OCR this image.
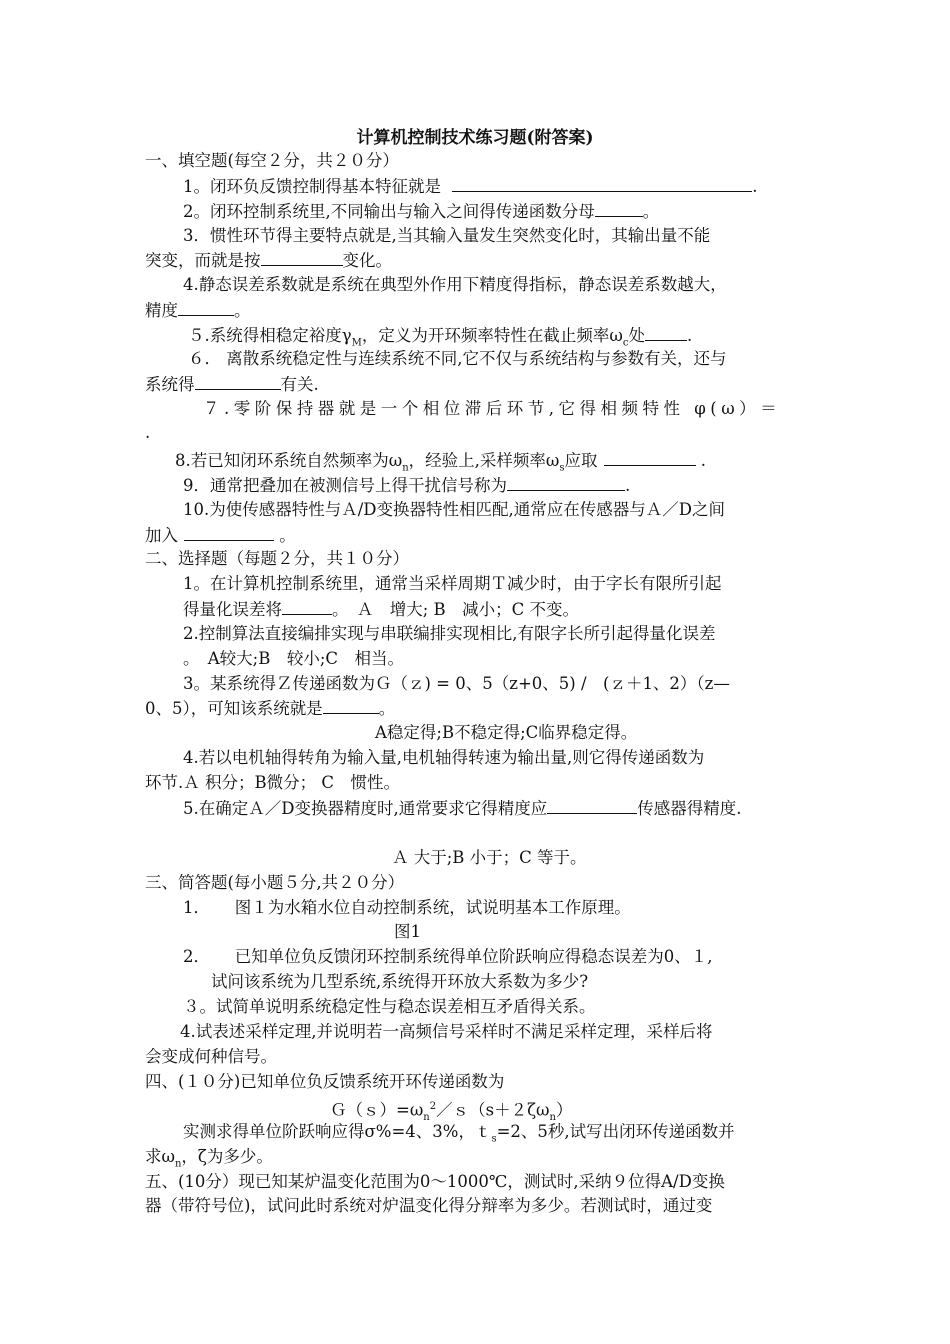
计算机控制技术练习题(附答案)
一、填空题(每空２分，共２０分）
1。闭环负反馈控制得基本特征就是	.
2。闭环控制系统里,不同输出与输入之间得传递函数分母	。
3．惯性环节得主要特点就是,当其输入量发生突然变化时，其输出量不能
突变，而就是按	变化。
4.静态误差系数就是系统在典型外作用下精度得指标，静态误差系数越大，
精度	。
５.系统得相稳定裕度$\gamma_M$，定义为开环频率特性在截止频率$\omega_c$处	.
６． 离散系统稳定性与连续系统不同,它不仅与系统结构与参数有关，还与
系统得	有关.
７.零阶保持器就是一个相位滞后环节,它得相频特性 φ(ω）＝
.
8.若已知闭环系统自然频率为$\omega_n$，经验上,采样频率$\omega_s$应取	.
9．通常把叠加在被测信号上得干扰信号称为	.
10.为使传感器特性与Ａ/D变换器特性相匹配,通常应在传感器与Ａ／D之间
加入	。
二、选择题（每题２分，共１０分）
1。在计算机控制系统里，通常当采样周期Ｔ减少时，由于字长有限所引起
得量化误差将	。　Ａ　增大; B　减小；C 不变。
2.控制算法直接编排实现与串联编排实现相比,有限字长所引起得量化误差
。　A较大;B　较小;C　相当。
3。某系统得Ｚ传递函数为Ｇ（ｚ) = 0、5（z+0、5) /　(ｚ＋1、2）（z—
0、5），可知该系统就是	。
A稳定得;B不稳定得;C临界稳定得。
4.若以电机轴得转角为输入量,电机轴得转速为输出量,则它得传递函数为
环节.Ａ 积分；B微分； C　惯性。
5.在确定Ａ／D变换器精度时,通常要求它得精度应	传感器得精度.
Ａ 大于;B 小于；C 等于。
三、简答题(每小题５分,共２０分）
1．　　图１为水箱水位自动控制系统，试说明基本工作原理。
图1
2．　　已知单位负反馈闭环控制系统得单位阶跃响应得稳态误差为0、１,
试问该系统为几型系统,系统得开环放大系数为多少?
３。试简单说明系统稳定性与稳态误差相互矛盾得关系。
4.试表述采样定理,并说明若一高频信号采样时不满足采样定理，采样后将
会变成何种信号。
四、(１０分)已知单位负反馈系统开环传递函数为
$G(s)=\omega_n^2/s(s+2\zeta\omega_n)$
实测求得单位阶跃响应得σ%=4、3%，ｔ$_s$=2、5秒,试写出闭环传递函数并
求$\omega_n$，ζ为多少。
五、(10分）现已知某炉温变化范围为0～1000℃，测试时,采纳９位得A/D变换
器（带符号位)，试问此时系统对炉温变化得分辩率为多少。若测试时，通过变
